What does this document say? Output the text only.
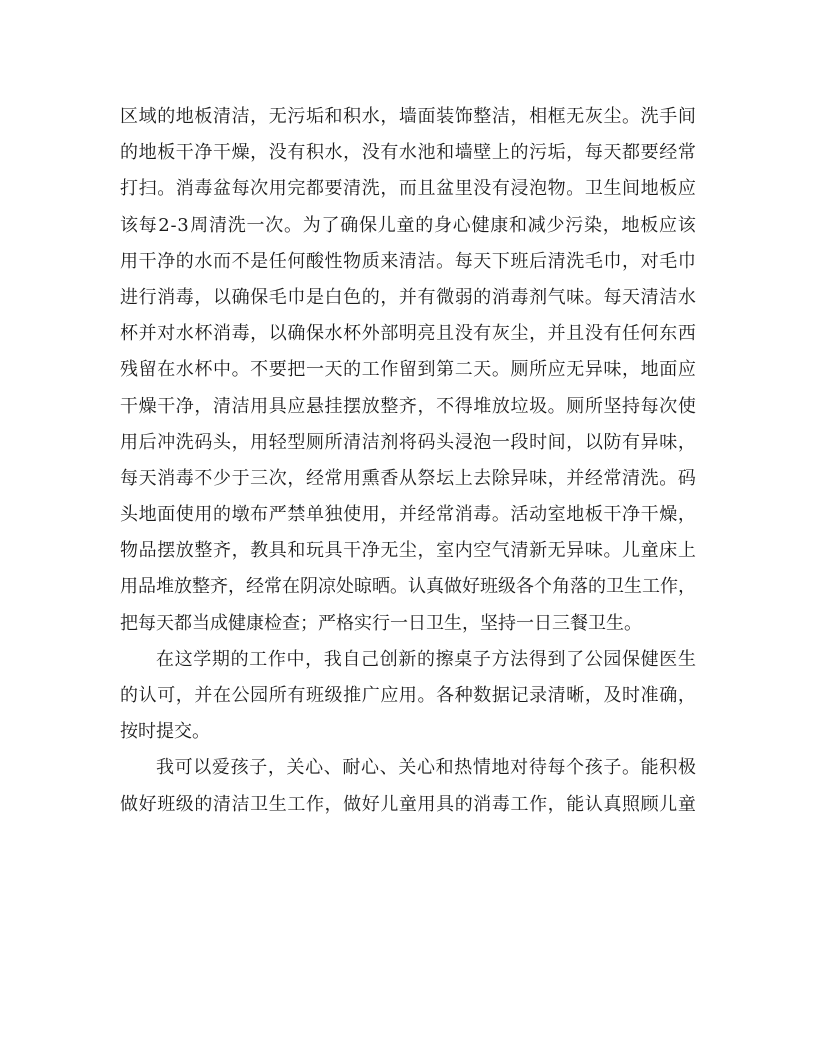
区 域 的 地 板 清 洁 ， 无 污 垢 和 积 水 ， 墙 面 装 饰 整 洁 ， 相 框 无 灰 尘 。 洗 手 间
的 地 板 干 净 干 燥 ， 没 有 积 水 ， 没 有 水 池 和 墙 壁 上 的 污 垢 ， 每 天 都 要 经 常
打 扫 。 消 毒 盆 每 次 用 完 都 要 清 洗 ， 而 且 盆 里 没 有 浸 泡 物 。 卫 生 间 地 板 应
该 每 2 - 3 周 清 洗 一 次 。 为 了 确 保 儿 童 的 身 心 健 康 和 减 少 污 染 ， 地 板 应 该
用 干 净 的 水 而 不 是 任 何 酸 性 物 质 来 清 洁 。 每 天 下 班 后 清 洗 毛 巾 ， 对 毛 巾
进 行 消 毒 ， 以 确 保 毛 巾 是 白 色 的 ， 并 有 微 弱 的 消 毒 剂 气 味 。 每 天 清 洁 水
杯 并 对 水 杯 消 毒 ， 以 确 保 水 杯 外 部 明 亮 且 没 有 灰 尘 ， 并 且 没 有 任 何 东 西
残 留 在 水 杯 中 。 不 要 把 一 天 的 工 作 留 到 第 二 天 。 厕 所 应 无 异 味 ， 地 面 应
干 燥 干 净 ， 清 洁 用 具 应 悬 挂 摆 放 整 齐 ， 不 得 堆 放 垃 圾 。 厕 所 坚 持 每 次 使
用 后 冲 洗 码 头 ， 用 轻 型 厕 所 清 洁 剂 将 码 头 浸 泡 一 段 时 间 ， 以 防 有 异 味 ，
每 天 消 毒 不 少 于 三 次 ， 经 常 用 熏 香 从 祭 坛 上 去 除 异 味 ， 并 经 常 清 洗 。 码
头 地 面 使 用 的 墩 布 严 禁 单 独 使 用 ， 并 经 常 消 毒 。 活 动 室 地 板 干 净 干 燥 ，
物 品 摆 放 整 齐 ， 教 具 和 玩 具 干 净 无 尘 ， 室 内 空 气 清 新 无 异 味 。 儿 童 床 上
用 品 堆 放 整 齐 ， 经 常 在 阴 凉 处 晾 晒 。 认 真 做 好 班 级 各 个 角 落 的 卫 生 工 作 ，
把每天都当成健康检查；严格实行一日卫生，坚持一日三餐卫生。
在 这 学 期 的 工 作 中 ， 我 自 己 创 新 的 擦 桌 子 方 法 得 到 了 公 园 保 健 医 生
的 认 可 ， 并 在 公 园 所 有 班 级 推 广 应 用 。 各 种 数 据 记 录 清 晰 ， 及 时 准 确 ，
按时提交。
我 可 以 爱 孩 子 ， 关 心 、 耐 心 、 关 心 和 热 情 地 对 待 每 个 孩 子 。 能 积 极
做 好 班 级 的 清 洁 卫 生 工 作 ， 做 好 儿 童 用 具 的 消 毒 工 作 ， 能 认 真 照 顾 儿 童
